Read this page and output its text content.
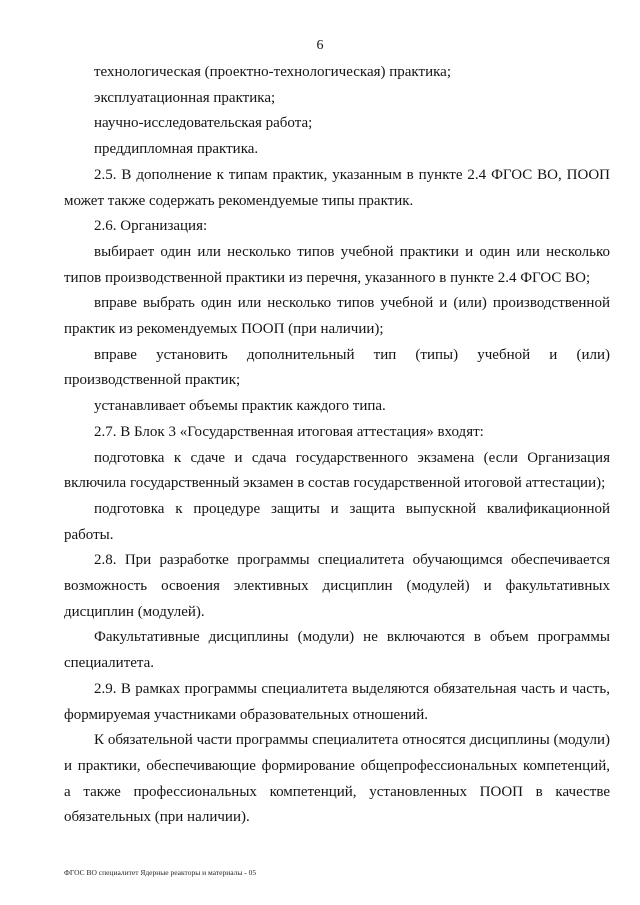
6

технологическая (проектно-технологическая) практика;

эксплуатационная практика;

научно-исследовательская работа;

преддипломная практика.

2.5. В дополнение к типам практик, указанным в пункте 2.4 ФГОС ВО, ПООП может также содержать рекомендуемые типы практик.

2.6. Организация:

выбирает один или несколько типов учебной практики и один или несколько типов производственной практики из перечня, указанного в пункте 2.4 ФГОС ВО;

вправе выбрать один или несколько типов учебной и (или) производственной практик из рекомендуемых ПООП (при наличии);

вправе установить дополнительный тип (типы) учебной и (или) производственной практик;

устанавливает объемы практик каждого типа.

2.7. В Блок 3 «Государственная итоговая аттестация» входят:

подготовка к сдаче и сдача государственного экзамена (если Организация включила государственный экзамен в состав государственной итоговой аттестации);

подготовка к процедуре защиты и защита выпускной квалификационной работы.

2.8. При разработке программы специалитета обучающимся обеспечивается возможность освоения элективных дисциплин (модулей) и факультативных дисциплин (модулей).

Факультативные дисциплины (модули) не включаются в объем программы специалитета.

2.9. В рамках программы специалитета выделяются обязательная часть и часть, формируемая участниками образовательных отношений.

К обязательной части программы специалитета относятся дисциплины (модули) и практики, обеспечивающие формирование общепрофессиональных компетенций, а также профессиональных компетенций, установленных ПООП в качестве обязательных (при наличии).

ФГОС ВО специалитет Ядерные реакторы и материалы - 05
